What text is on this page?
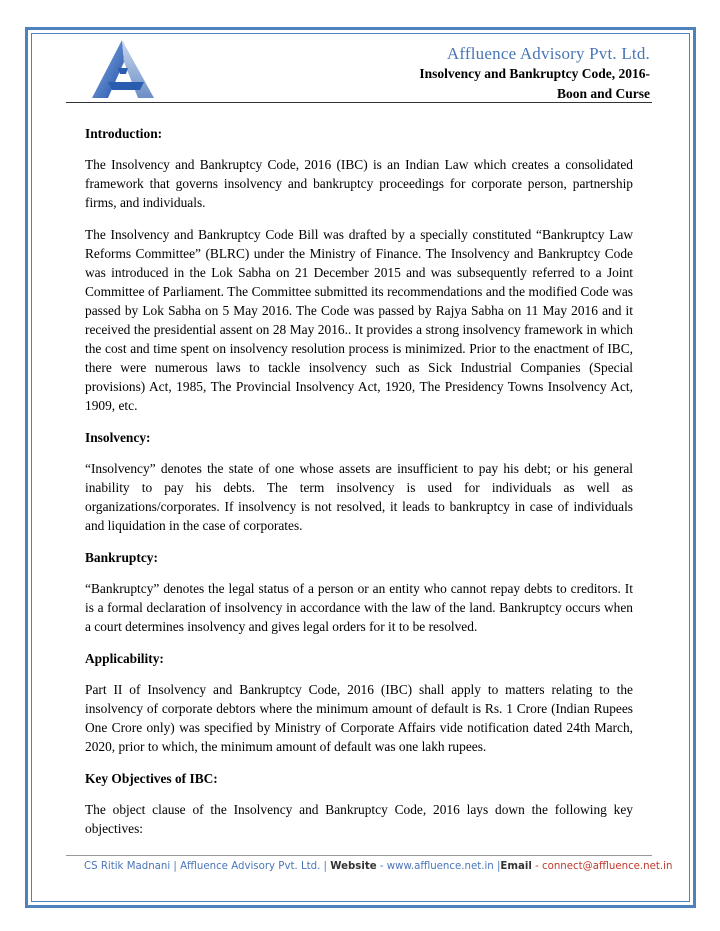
Affluence Advisory Pvt. Ltd.
Insolvency and Bankruptcy Code, 2016-
Boon and Curse
Introduction:

The Insolvency and Bankruptcy Code, 2016 (IBC) is an Indian Law which creates a consolidated framework that governs insolvency and bankruptcy proceedings for corporate person, partnership firms, and individuals.

The Insolvency and Bankruptcy Code Bill was drafted by a specially constituted “Bankruptcy Law Reforms Committee” (BLRC) under the Ministry of Finance. The Insolvency and Bankruptcy Code was introduced in the Lok Sabha on 21 December 2015 and was subsequently referred to a Joint Committee of Parliament. The Committee submitted its recommendations and the modified Code was passed by Lok Sabha on 5 May 2016. The Code was passed by Rajya Sabha on 11 May 2016 and it received the presidential assent on 28 May 2016.. It provides a strong insolvency framework in which the cost and time spent on insolvency resolution process is minimized. Prior to the enactment of IBC, there were numerous laws to tackle insolvency such as Sick Industrial Companies (Special provisions) Act, 1985, The Provincial Insolvency Act, 1920, The Presidency Towns Insolvency Act, 1909, etc.

Insolvency:

“Insolvency” denotes the state of one whose assets are insufficient to pay his debt; or his general inability to pay his debts. The term insolvency is used for individuals as well as organizations/corporates. If insolvency is not resolved, it leads to bankruptcy in case of individuals and liquidation in the case of corporates.

Bankruptcy:

“Bankruptcy” denotes the legal status of a person or an entity who cannot repay debts to creditors. It is a formal declaration of insolvency in accordance with the law of the land. Bankruptcy occurs when a court determines insolvency and gives legal orders for it to be resolved.

Applicability:

Part II of Insolvency and Bankruptcy Code, 2016 (IBC) shall apply to matters relating to the insolvency of corporate debtors where the minimum amount of default is Rs. 1 Crore (Indian Rupees One Crore only) was specified by Ministry of Corporate Affairs vide notification dated 24th March, 2020, prior to which, the minimum amount of default was one lakh rupees.

Key Objectives of IBC:

The object clause of the Insolvency and Bankruptcy Code, 2016 lays down the following key objectives:

CS Ritik Madnani | Affluence Advisory Pvt. Ltd. | Website - www.affluence.net.in |Email - connect@affluence.net.in
